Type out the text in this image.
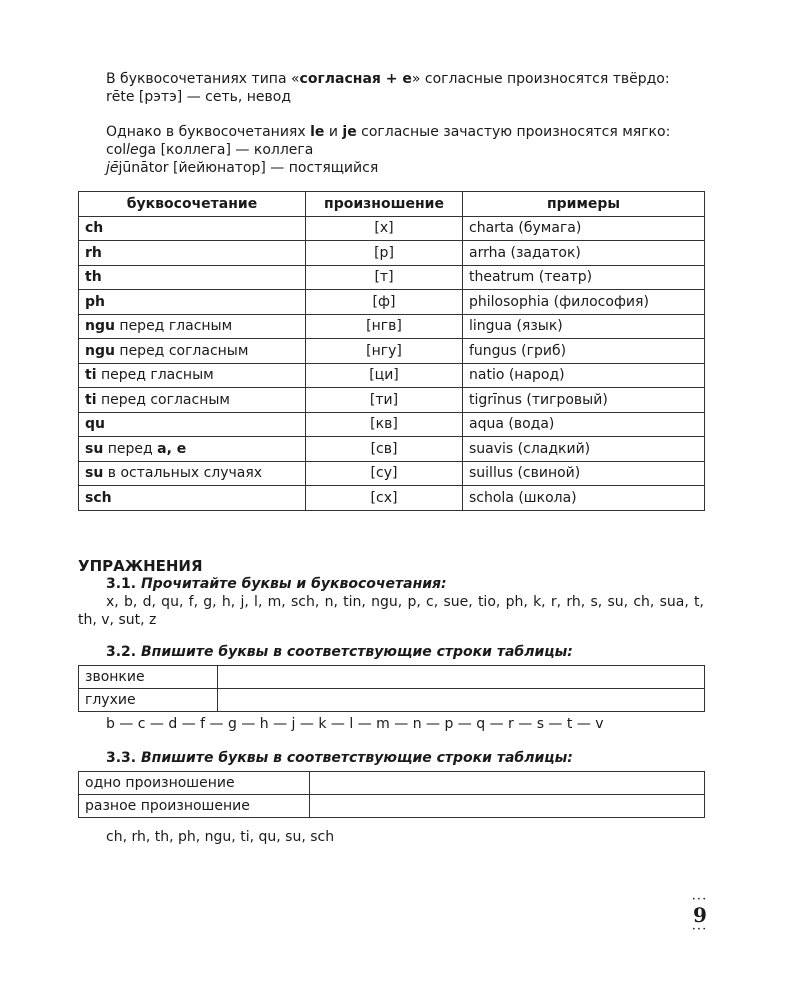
В буквосочетаниях типа «согласная + е» согласные произносятся твёрдо:

rēte [рэтэ] — сеть, невод

Однако в буквосочетаниях le и je согласные зачастую произносятся мягко:

collega [коллега] — коллега
jējūnātor [йейюнатор] — постящийся
буквосочетание	произношение	примеры
ch	[х]	charta (бумага)
rh	[р]	arrha (задаток)
th	[т]	theatrum (театр)
ph	[ф]	philosophia (философия)
ngu перед гласным	[нгв]	lingua (язык)
ngu перед согласным	[нгу]	fungus (гриб)
ti перед гласным	[ци]	natio (народ)
ti перед согласным	[ти]	tigrīnus (тигровый)
qu	[кв]	aqua (вода)
su перед a, e	[св]	suavis (сладкий)
su в остальных случаях	[су]	suillus (свиной)
sch	[сх]	schola (школа)
УПРАЖНЕНИЯ
3.1. Прочитайте буквы и буквосочетания:

x, b, d, qu, f, g, h, j, l, m, sch, n, tin, ngu, p, c, sue, tio, ph, k, r, rh, s, su, ch, sua, t, th, v, sut, z

3.2. Впишите буквы в соответствующие строки таблицы:
звонкие	
глухие	
b — c — d — f — g — h — j — k — l — m — n — p — q — r — s — t — v
3.3. Впишите буквы в соответствующие строки таблицы:
одно произношение	
разное произношение	
ch, rh, th, ph, ngu, ti, qu, su, sch
···
9
···
